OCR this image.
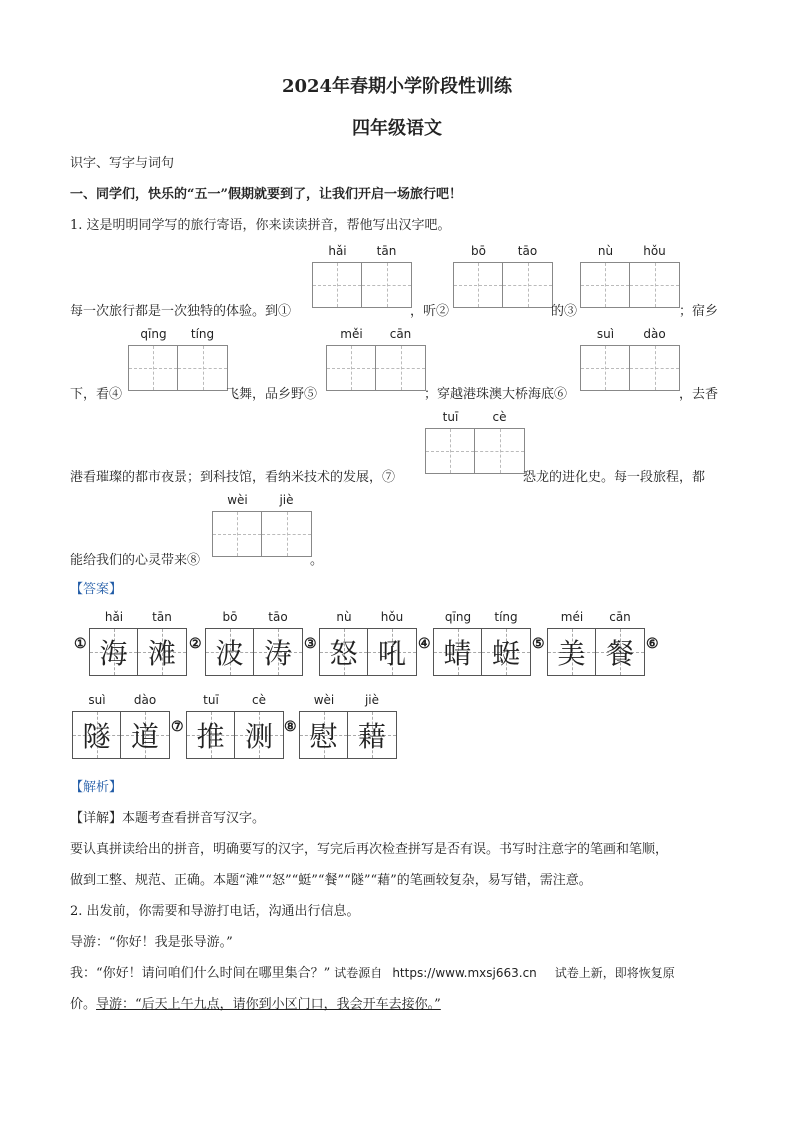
2024年春期小学阶段性训练
四年级语文
识字、写字与词句
一、同学们，快乐的“五一”假期就要到了，让我们开启一场旅行吧！
1. 这是明明同学写的旅行寄语，你来读读拼音，帮他写出汉字吧。
每一次旅行都是一次独特的体验。到①
hǎi	tān
，听②
bō	tāo
的③
nù	hǒu
；宿乡
下，看④
qīng	tíng
飞舞，品乡野⑤
měi	cān
；穿越港珠澳大桥海底⑥
suì	dào
，去香
港看璀璨的都市夜景；到科技馆，看纳米技术的发展，⑦
tuī	cè
恐龙的进化史。每一段旅程，都
能给我们的心灵带来⑧
wèi	jiè
。
【答案】
①
hǎi	tān
海 滩 ②
bō	tāo
波 涛 ③
nù	hǒu
怒 吼 ④
qīng	tíng
蜻 蜓 ⑤
méi	cān
美 餐 ⑥
suì	dào
隧 道 ⑦
tuī	cè
推 测 ⑧
wèi	jiè
慰 藉
【解析】
【详解】本题考查看拼音写汉字。
要认真拼读给出的拼音，明确要写的汉字，写完后再次检查拼写是否有误。书写时注意字的笔画和笔顺，
做到工整、规范、正确。本题“滩”“怒”“蜓”“餐”“隧”“藉”的笔画较复杂，易写错，需注意。
2. 出发前，你需要和导游打电话，沟通出行信息。
导游：“你好！我是张导游。”
我：“你好！请问咱们什么时间在哪里集合？” 试卷源自 https://www.mxsj663.cn 试卷上新，即将恢复原
价。导游：“后天上午九点，请你到小区门口，我会开车去接你。”
